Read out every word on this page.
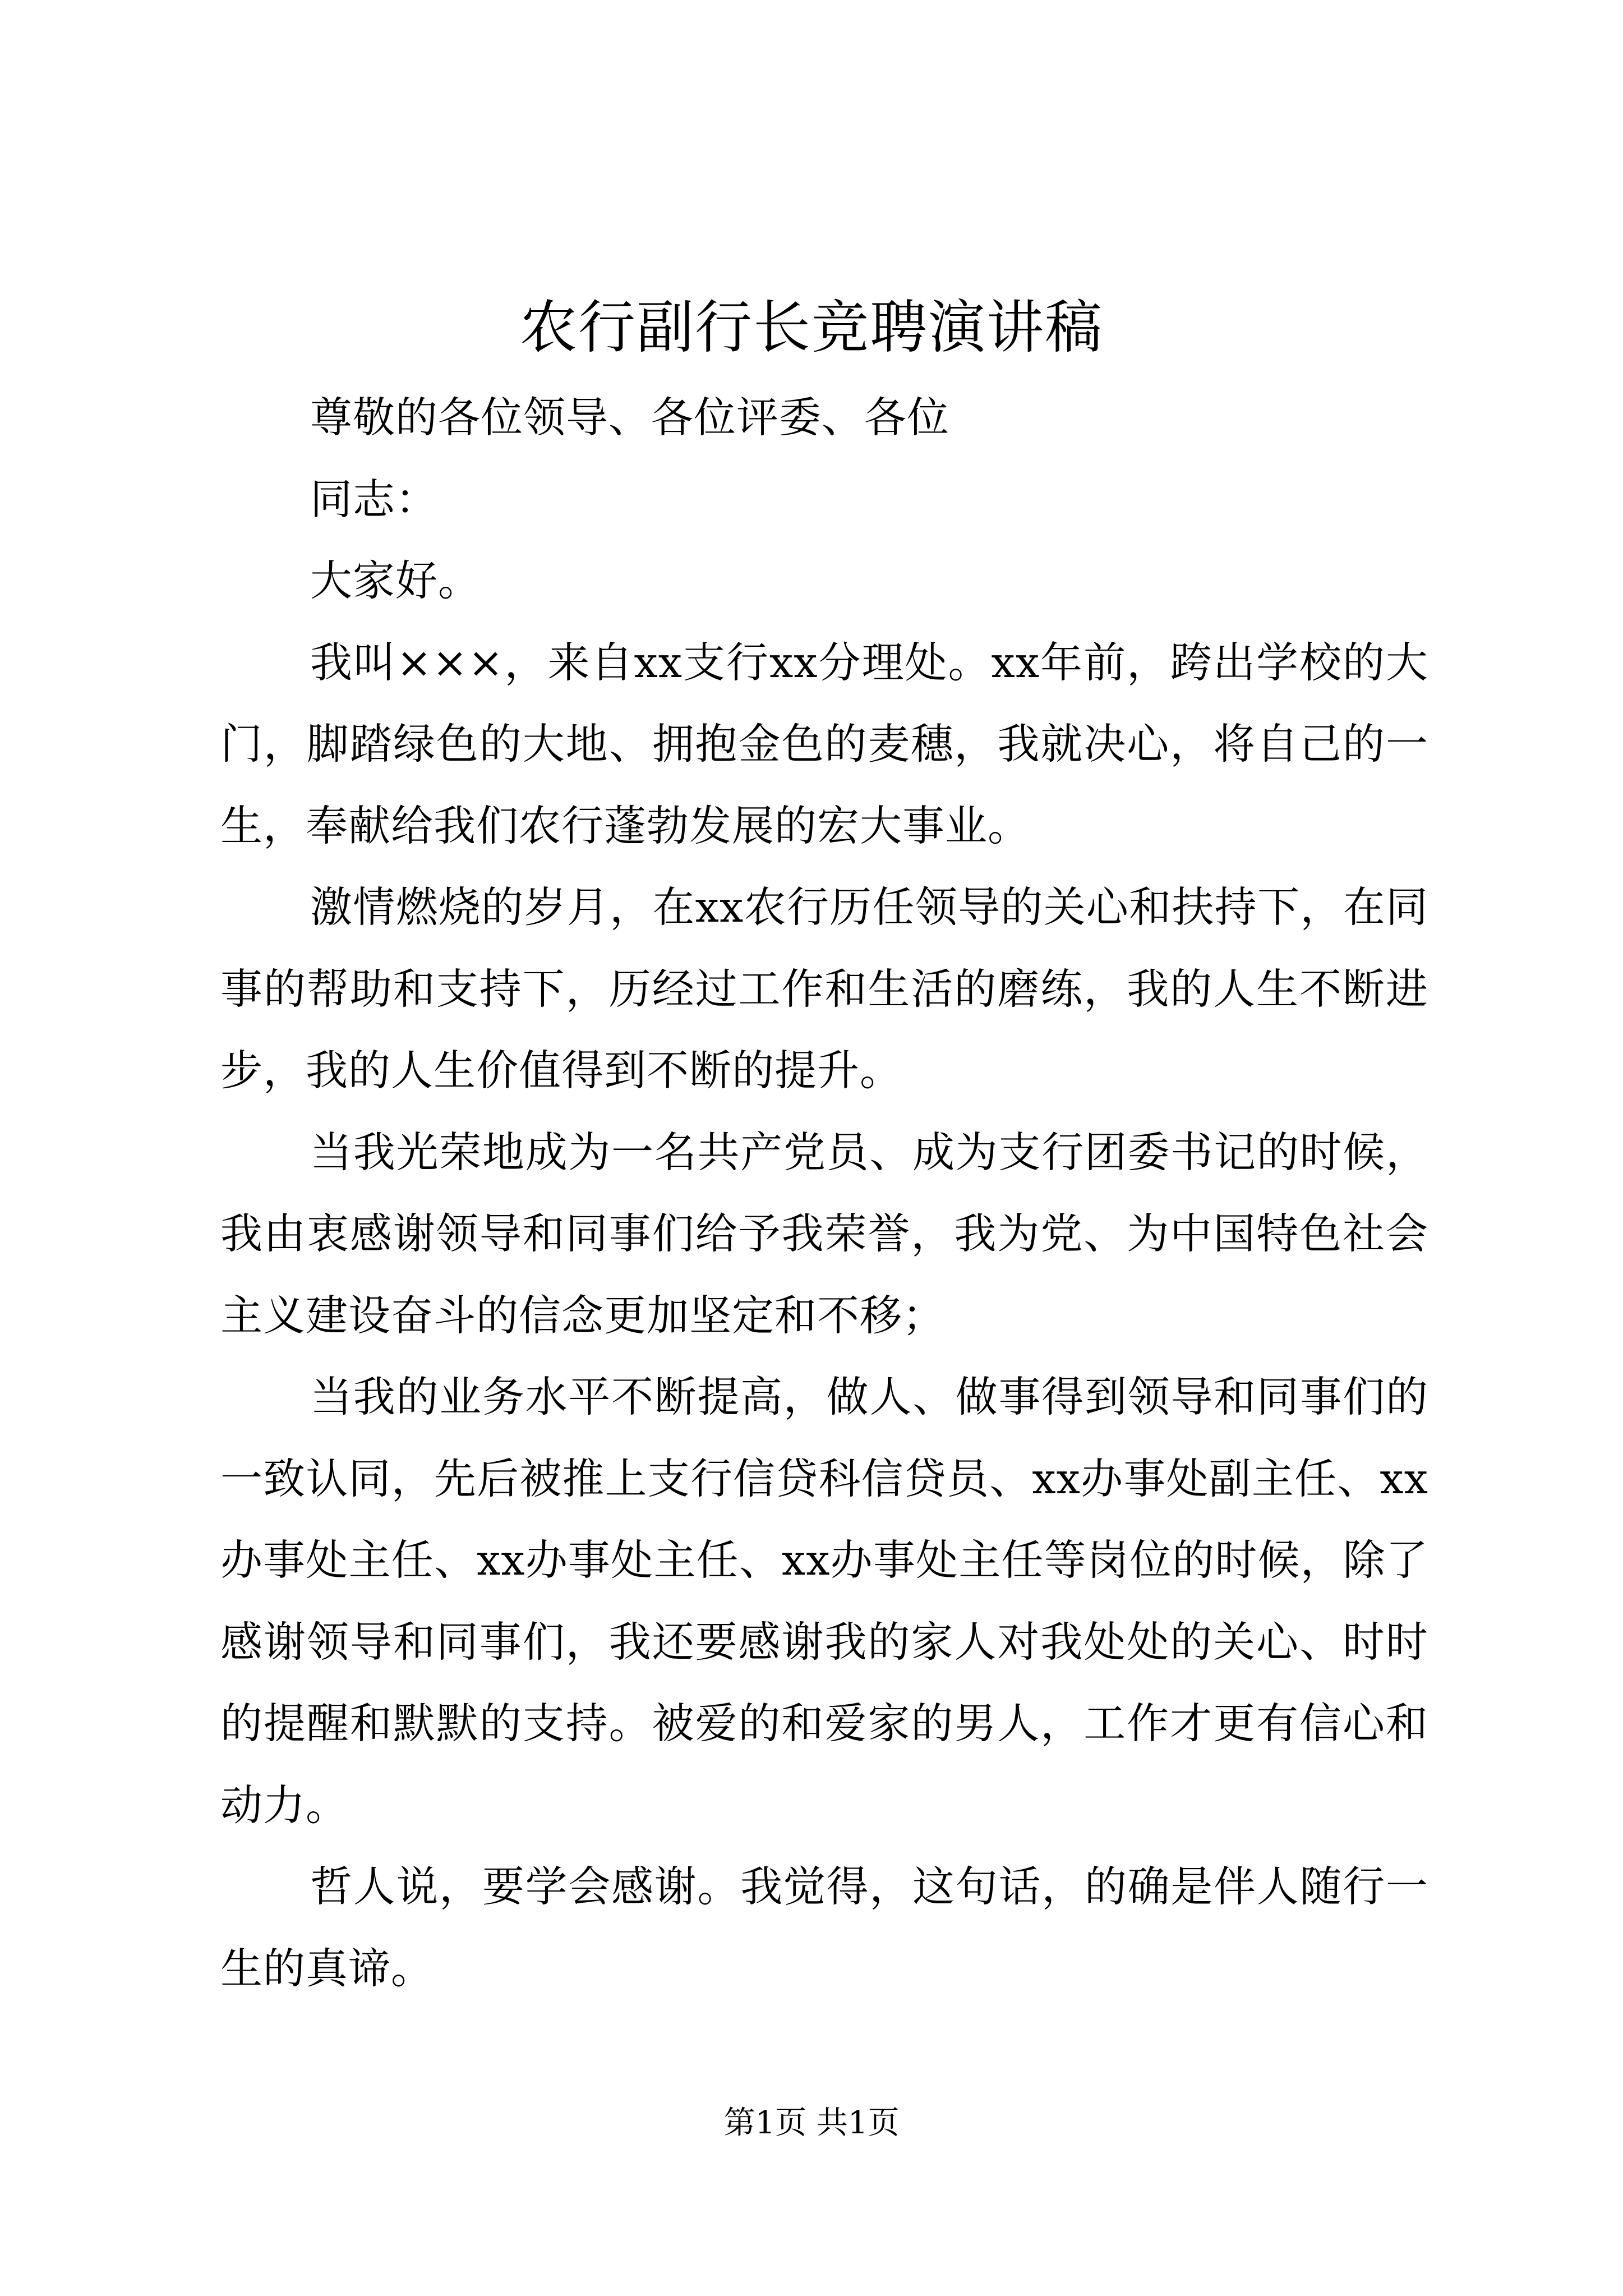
农行副行长竞聘演讲稿

尊敬的各位领导、各位评委、各位

同志：

大家好。

我叫×××，来自xx支行xx分理处。xx年前，跨出学校的大门，脚踏绿色的大地、拥抱金色的麦穗，我就决心，将自己的一生，奉献给我们农行蓬勃发展的宏大事业。

激情燃烧的岁月，在xx农行历任领导的关心和扶持下，在同事的帮助和支持下，历经过工作和生活的磨练，我的人生不断进步，我的人生价值得到不断的提升。

当我光荣地成为一名共产党员、成为支行团委书记的时候，我由衷感谢领导和同事们给予我荣誉，我为党、为中国特色社会主义建设奋斗的信念更加坚定和不移；

当我的业务水平不断提高，做人、做事得到领导和同事们的一致认同，先后被推上支行信贷科信贷员、xx办事处副主任、xx办事处主任、xx办事处主任、xx办事处主任等岗位的时候，除了感谢领导和同事们，我还要感谢我的家人对我处处的关心、时时的提醒和默默的支持。被爱的和爱家的男人，工作才更有信心和动力。

哲人说，要学会感谢。我觉得，这句话，的确是伴人随行一生的真谛。

第1页 共1页
